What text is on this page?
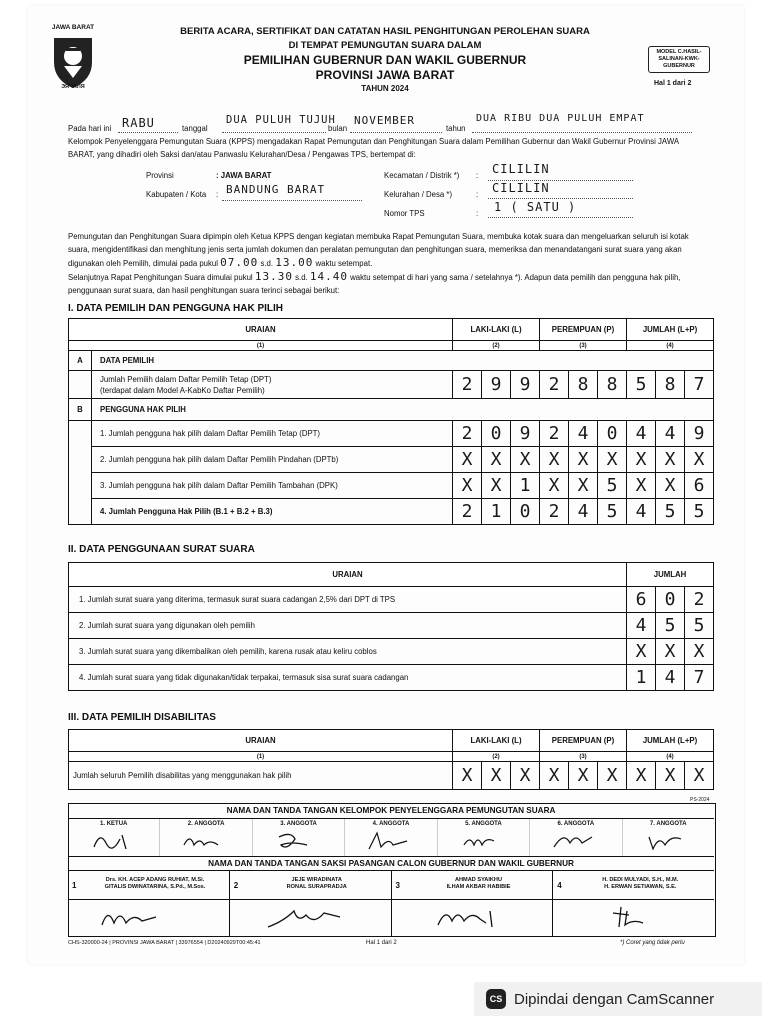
JAWA BARAT
ЭЯЧАЛЯ
BERITA ACARA, SERTIFIKAT DAN CATATAN HASIL PENGHITUNGAN PEROLEHAN SUARA
DI TEMPAT PEMUNGUTAN SUARA DALAM
PEMILIHAN GUBERNUR DAN WAKIL GUBERNUR
PROVINSI JAWA BARAT
TAHUN 2024
MODEL C.HASIL-SALINAN-KWK-GUBERNUR
Hal 1 dari 2
Pada hari ini RABU	tanggal
DUA PULUH TUJUH
bulan
NOVEMBER
tahun
DUA RIBU DUA PULUH EMPAT
Kelompok Penyelenggara Pemungutan Suara (KPPS) mengadakan Rapat Pemungutan dan Penghitungan Suara dalam Pemilihan Gubernur dan Wakil Gubernur Provinsi JAWA BARAT, yang dihadiri oleh Saksi dan/atau Panwaslu Kelurahan/Desa / Pengawas TPS, bertempat di:
Provinsi	: JAWA BARAT
Kabupaten / Kota : BANDUNG BARAT
Kecamatan / Distrik *) : CILILIN
Kelurahan / Desa *)	: CILILIN
Nomor TPS	: 1 ( SATU )
Pemungutan dan Penghitungan Suara dipimpin oleh Ketua KPPS dengan kegiatan membuka Rapat Pemungutan Suara, membuka kotak suara dan mengeluarkan seluruh isi kotak suara, mengidentifikasi dan menghitung jenis serta jumlah dokumen dan peralatan pemungutan dan penghitungan suara, memeriksa dan menandatangani surat suara yang akan digunakan oleh Pemilih, dimulai pada pukul 07.00 s.d. 13.00 waktu setempat.
Selanjutnya Rapat Penghitungan Suara dimulai pukul 13.30 s.d. 14.40 waktu setempat di hari yang sama / setelahnya *). Adapun data pemilih dan pengguna hak pilih, penggunaan surat suara, dan hasil penghitungan suara terinci sebagai berikut:
I. DATA PEMILIH DAN PENGGUNA HAK PILIH
URAIAN		LAKI-LAKI (L)			PEREMPUAN (P)			JUMLAH (L+P)		
(1)		(2)			(3)			(4)		
A	DATA PEMILIH									
	Jumlah Pemilih dalam Daftar Pemilih Tetap (DPT)
(terdapat dalam Model A-KabKo Daftar Pemilih)	2	9	9	2	8	8	5	8	7
B	PENGGUNA HAK PILIH									
	1. Jumlah pengguna hak pilih dalam Daftar Pemilih Tetap (DPT)	2	0	9	2	4	0	4	4	9
	2. Jumlah pengguna hak pilih dalam Daftar Pemilih Pindahan (DPTb)	X	X	X	X	X	X	X	X	X
	3. Jumlah pengguna hak pilih dalam Daftar Pemilih Tambahan (DPK)	X	X	1	X	X	5	X	X	6
	4. Jumlah Pengguna Hak Pilih (B.1 + B.2 + B.3)	2	1	0	2	4	5	4	5	5
II. DATA PENGGUNAAN SURAT SUARA
URAIAN	JUMLAH		
1. Jumlah surat suara yang diterima, termasuk surat suara cadangan 2,5% dari DPT di TPS	6	0	2
2. Jumlah surat suara yang digunakan oleh pemilih	4	5	5
3. Jumlah surat suara yang dikembalikan oleh pemilih, karena rusak atau keliru coblos	X	X	X
4. Jumlah surat suara yang tidak digunakan/tidak terpakai, termasuk sisa surat suara cadangan	1	4	7
III. DATA PEMILIH DISABILITAS
URAIAN	LAKI-LAKI (L)			PEREMPUAN (P)			JUMLAH (L+P)		
(1)	(2)			(3)			(4)		
Jumlah seluruh Pemilih disabilitas yang menggunakan hak pilih	X	X	X	X	X	X	X	X	X
PS-2024
NAMA DAN TANDA TANGAN KELOMPOK PENYELENGGARA PEMUNGUTAN SUARA
1. KETUA	2. ANGGOTA	3. ANGGOTA	4. ANGGOTA	5. ANGGOTA	6. ANGGOTA	7. ANGGOTA
NAMA DAN TANDA TANGAN SAKSI PASANGAN CALON GUBERNUR DAN WAKIL GUBERNUR
1
Drs. KH. ACEP ADANG RUHIAT, M.Si.
GITALIS DWINATARINA, S.Pd., M.Sos.	2
JEJE WIRADINATA
RONAL SURAPRADJA	3
AHMAD SYAIKHU
ILHAM AKBAR HABIBIE	4
H. DEDI MULYADI, S.H., M.M.
H. ERWAN SETIAWAN, S.E.
CHS-320000-24 | PROVINSI JAWA BARAT | 33976554 | D20240929T00:45:41	Hal 1 dari 2	*) Coret yang tidak perlu
CS Dipindai dengan CamScanner
